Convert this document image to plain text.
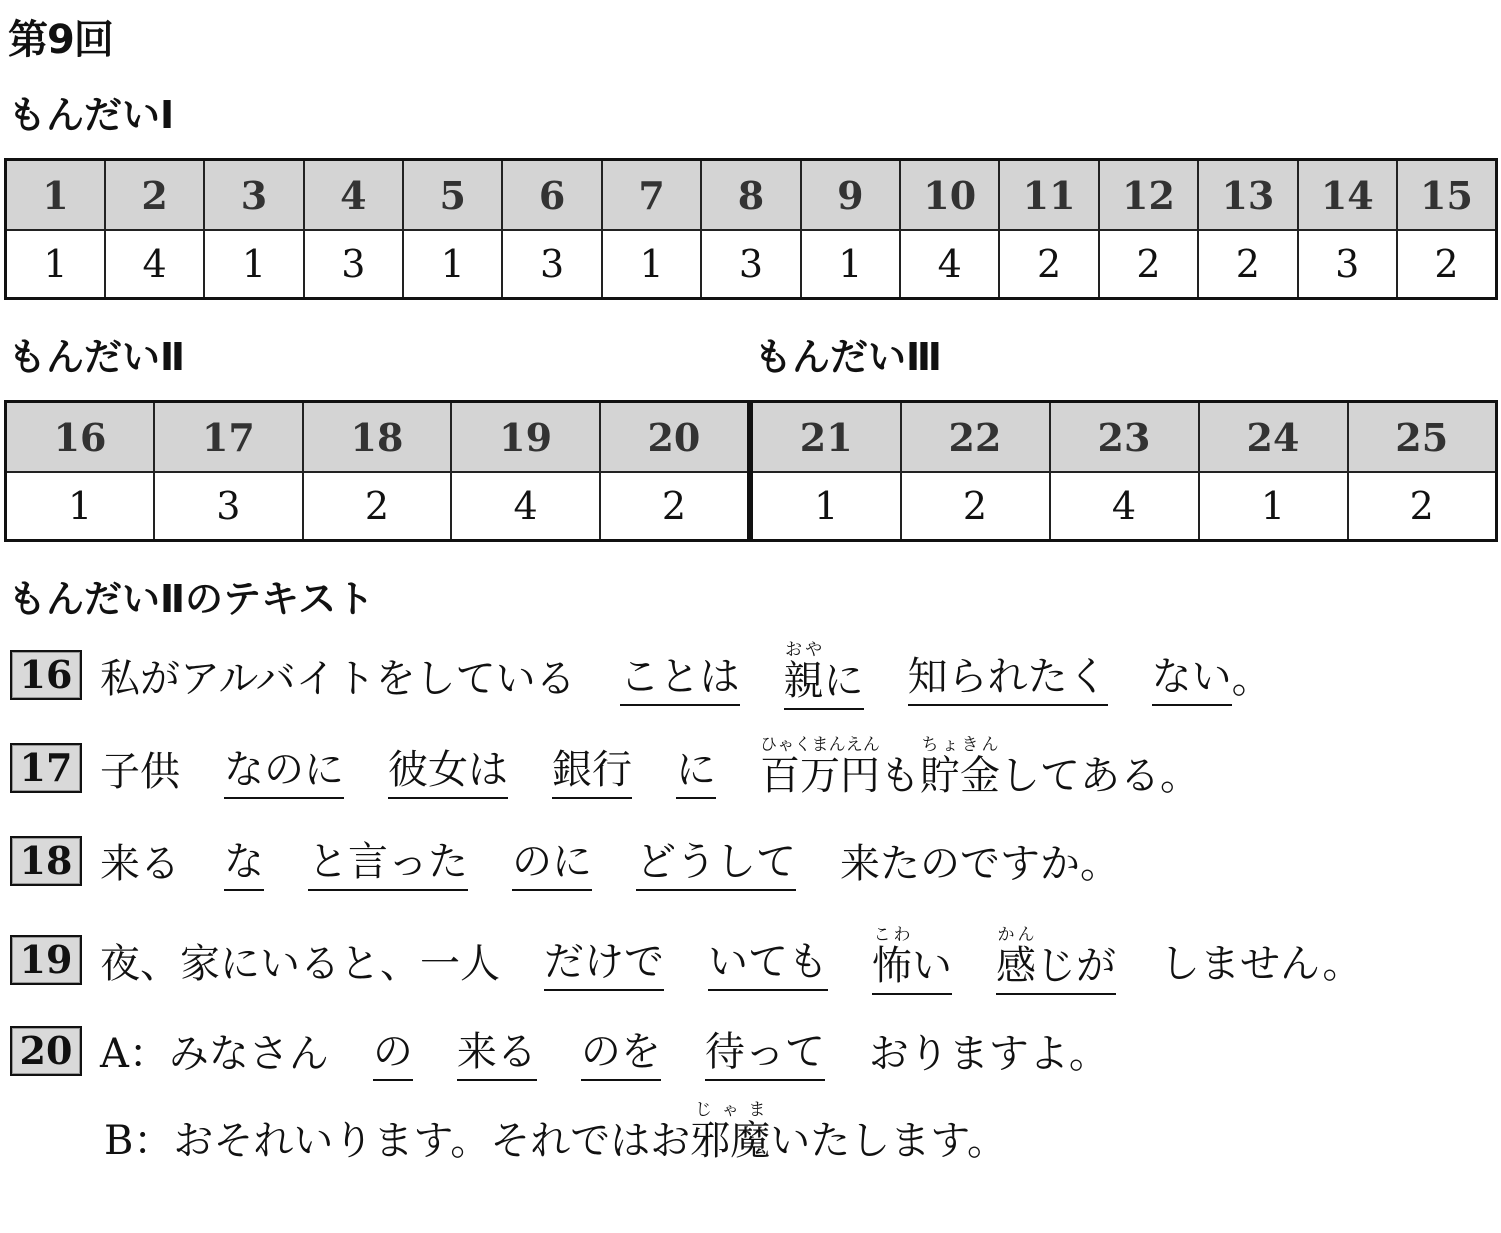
第9回
もんだいⅠ
1	2	3	4	5	6	7	8	9	10	11	12	13	14	15
1	4	1	3	1	3	1	3	1	4	2	2	2	3	2
もんだいⅡ	もんだいⅢ
16	17	18	19	20
1	3	2	4	2
21	22	23	24	25
1	2	4	1	2
もんだいⅡのテキスト
16 私がアルバイトをしている ことは 親おやに 知られたく ない。
17 子供 なのに 彼女は 銀行 に 百万円ひゃくまんえんも貯金ちょきんしてある。
18 来る な と言った のに どうして 来たのですか。
19 夜、家にいると、一人 だけで いても 怖こわい 感かんじが しません。
20 A：みなさん の 来る のを 待って おりますよ。
B：おそれいります。それではお邪魔じゃまいたします。
